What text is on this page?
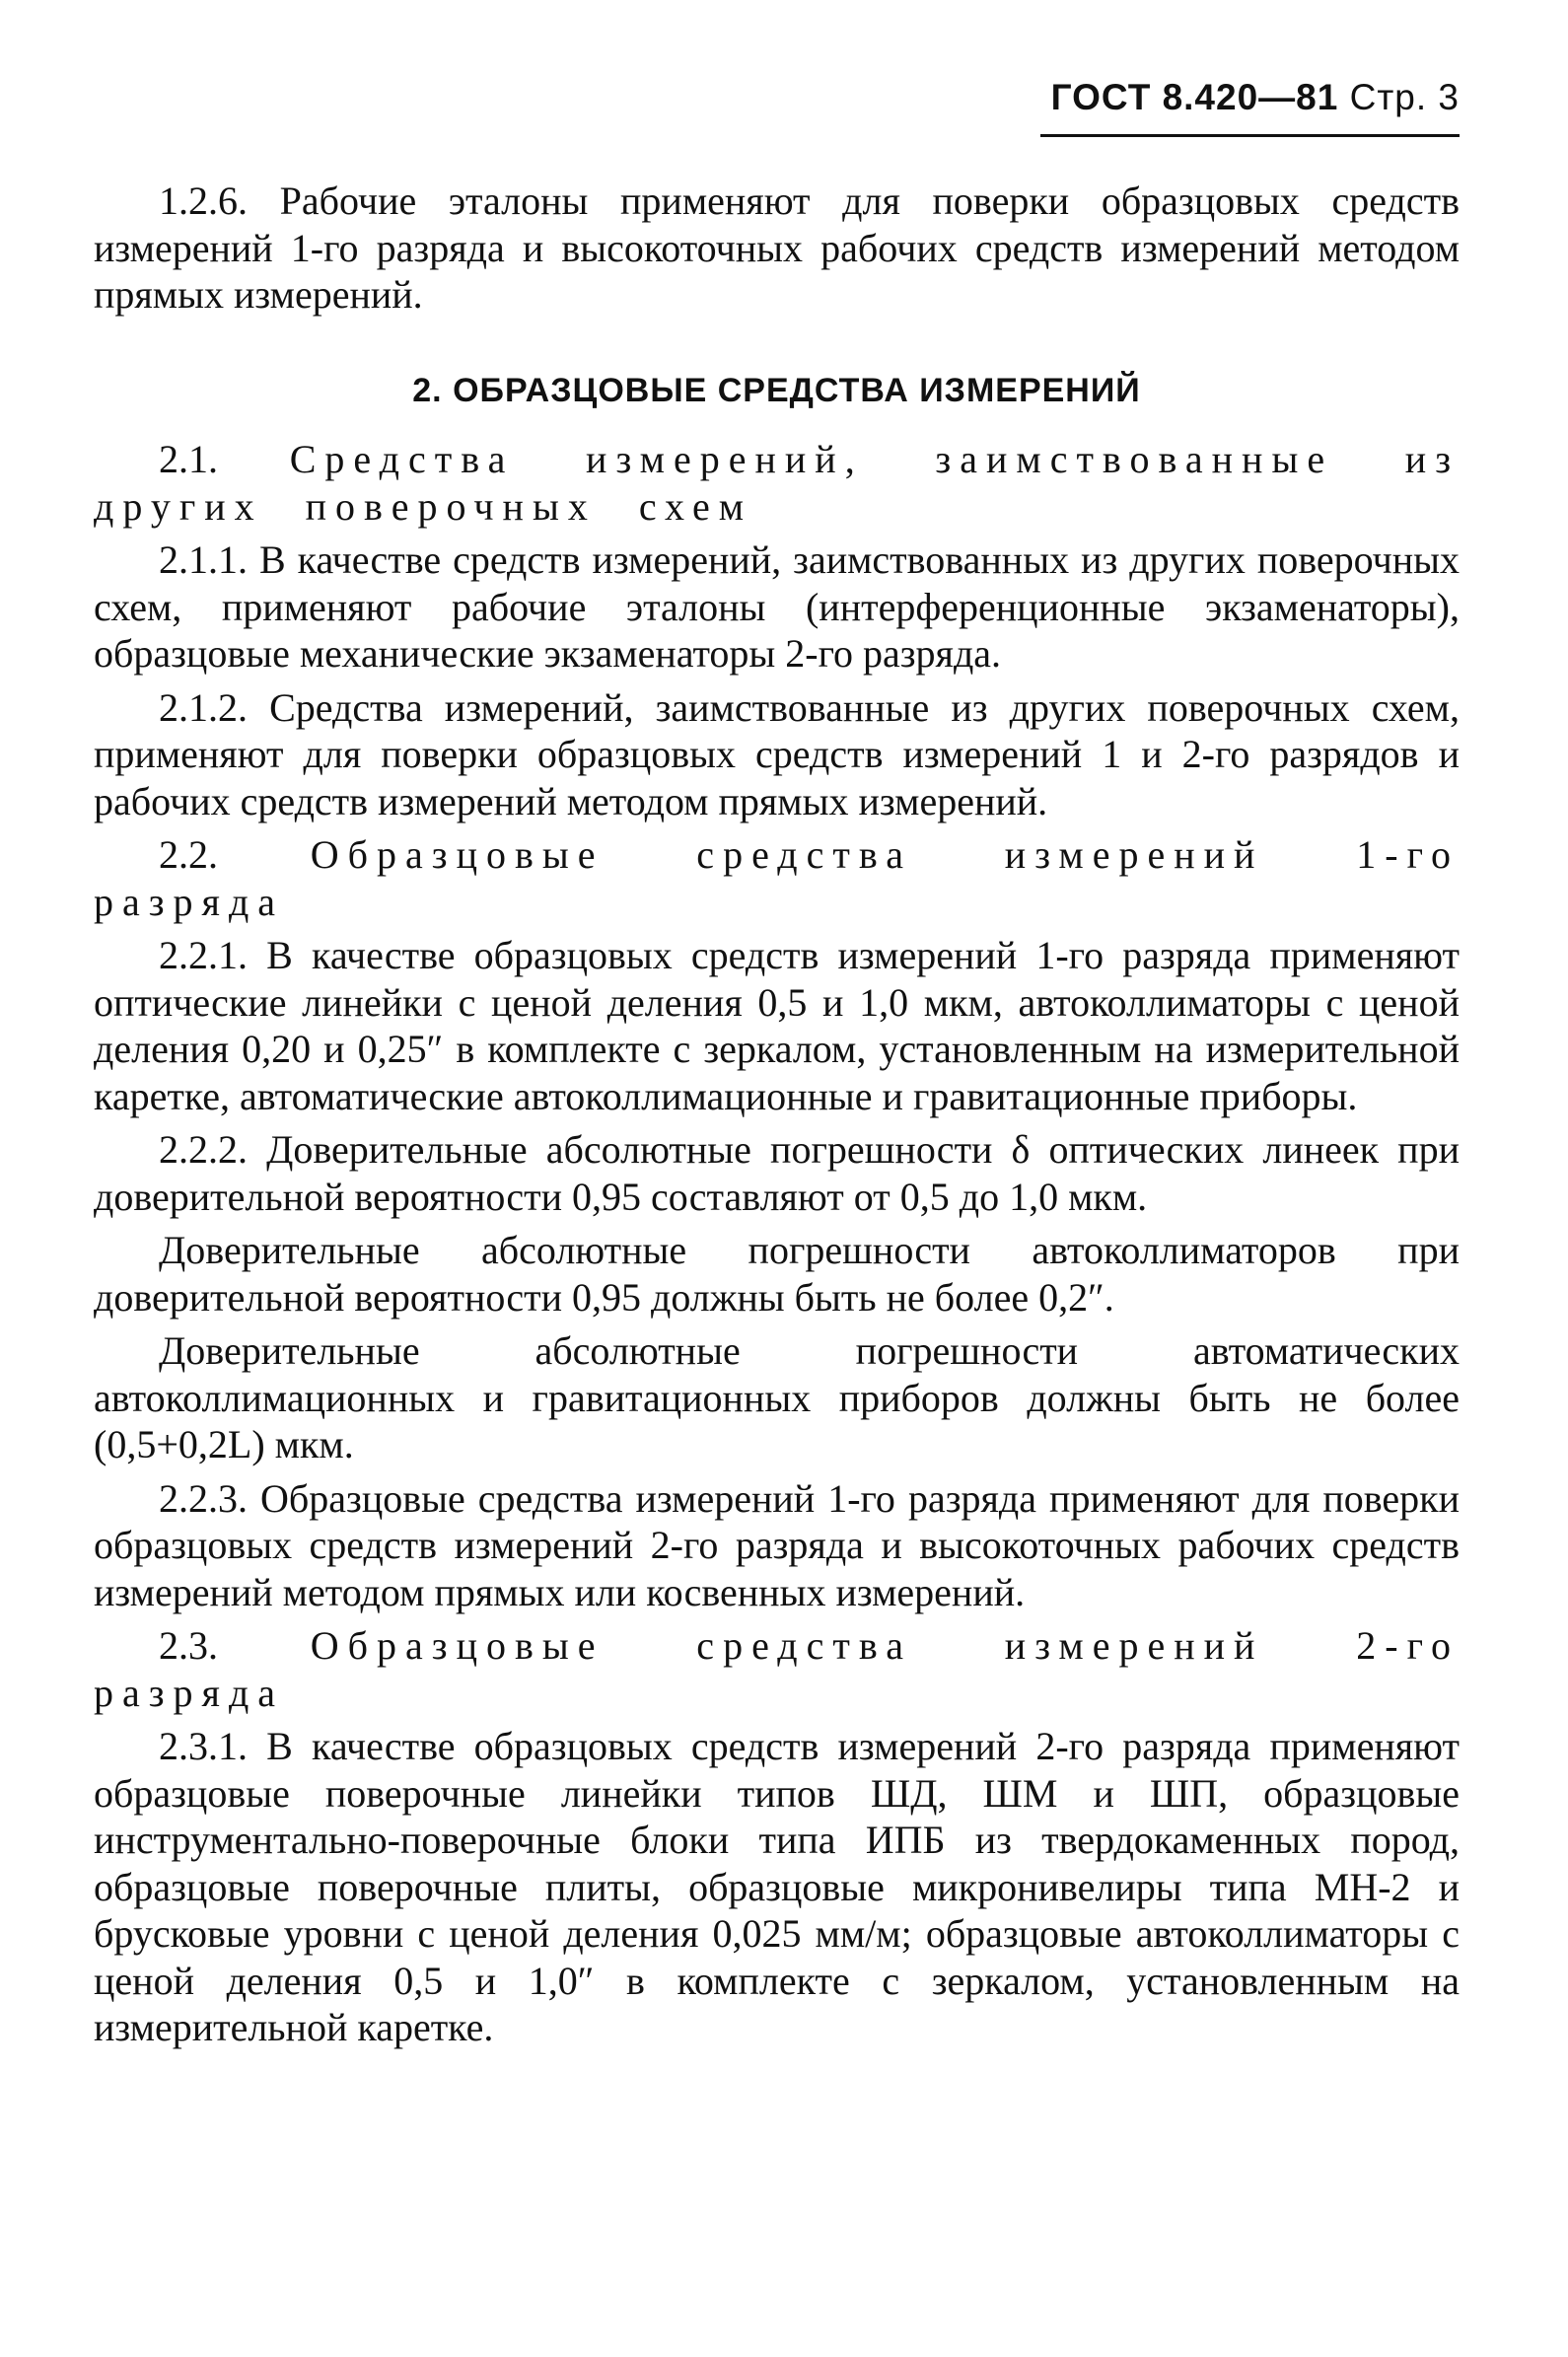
ГОСТ 8.420—81 Стр. 3

1.2.6. Рабочие эталоны применяют для поверки образцовых средств измерений 1-го разряда и высокоточных рабочих средств измерений методом прямых измерений.

2. ОБРАЗЦОВЫЕ СРЕДСТВА ИЗМЕРЕНИЙ

2.1. Средства измерений, заимствованные из других поверочных схем

2.1.1. В качестве средств измерений, заимствованных из других поверочных схем, применяют рабочие эталоны (интерференционные экзаменаторы), образцовые механические экзаменаторы 2-го разряда.

2.1.2. Средства измерений, заимствованные из других поверочных схем, применяют для поверки образцовых средств измерений 1 и 2-го разрядов и рабочих средств измерений методом прямых измерений.

2.2. Образцовые средства измерений 1-го разряда

2.2.1. В качестве образцовых средств измерений 1-го разряда применяют оптические линейки с ценой деления 0,5 и 1,0 мкм, автоколлиматоры с ценой деления 0,20 и 0,25″ в комплекте с зеркалом, установленным на измерительной каретке, автоматические автоколлимационные и гравитационные приборы.

2.2.2. Доверительные абсолютные погрешности δ оптических линеек при доверительной вероятности 0,95 составляют от 0,5 до 1,0 мкм.

Доверительные абсолютные погрешности автоколлиматоров при доверительной вероятности 0,95 должны быть не более 0,2″.

Доверительные абсолютные погрешности автоматических автоколлимационных и гравитационных приборов должны быть не более (0,5+0,2L) мкм.

2.2.3. Образцовые средства измерений 1-го разряда применяют для поверки образцовых средств измерений 2-го разряда и высокоточных рабочих средств измерений методом прямых или косвенных измерений.

2.3. Образцовые средства измерений 2-го разряда

2.3.1. В качестве образцовых средств измерений 2-го разряда применяют образцовые поверочные линейки типов ШД, ШМ и ШП, образцовые инструментально-поверочные блоки типа ИПБ из твердокаменных пород, образцовые поверочные плиты, образцовые микронивелиры типа МН-2 и брусковые уровни с ценой деления 0,025 мм/м; образцовые автоколлиматоры с ценой деления 0,5 и 1,0″ в комплекте с зеркалом, установленным на измерительной каретке.
